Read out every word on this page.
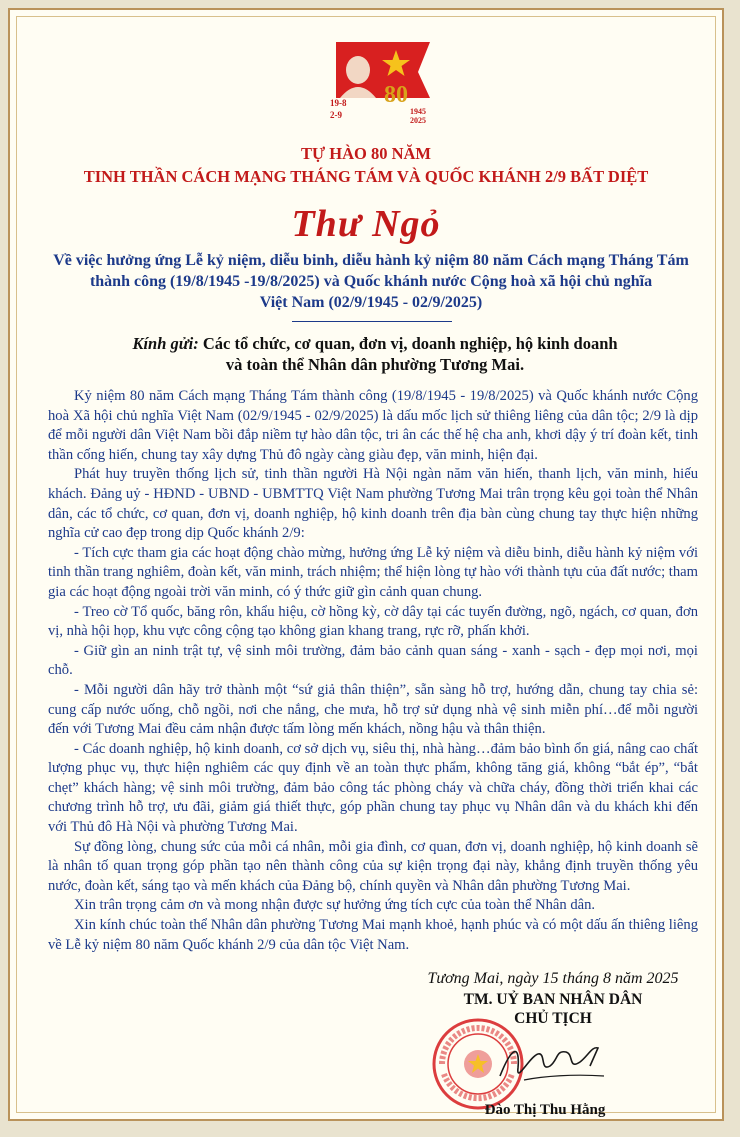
19-8
2-9
80
1945
2025
TỰ HÀO 80 NĂM
TINH THẦN CÁCH MẠNG THÁNG TÁM VÀ QUỐC KHÁNH 2/9 BẤT DIỆT
Thư Ngỏ
Về việc hưởng ứng Lễ kỷ niệm, diễu binh, diễu hành kỷ niệm 80 năm Cách mạng Tháng Tám
thành công (19/8/1945 -19/8/2025) và Quốc khánh nước Cộng hoà xã hội chủ nghĩa
Việt Nam (02/9/1945 - 02/9/2025)
Kính gửi: Các tổ chức, cơ quan, đơn vị, doanh nghiệp, hộ kinh doanh
và toàn thể Nhân dân phường Tương Mai.

Kỷ niệm 80 năm Cách mạng Tháng Tám thành công (19/8/1945 - 19/8/2025) và Quốc khánh nước Cộng hoà Xã hội chủ nghĩa Việt Nam (02/9/1945 - 02/9/2025) là dấu mốc lịch sử thiêng liêng của dân tộc; 2/9 là dịp để mỗi người dân Việt Nam bồi đắp niềm tự hào dân tộc, tri ân các thế hệ cha anh, khơi dậy ý trí đoàn kết, tinh thần cống hiến, chung tay xây dựng Thủ đô ngày càng giàu đẹp, văn minh, hiện đại.

Phát huy truyền thống lịch sử, tinh thần người Hà Nội ngàn năm văn hiến, thanh lịch, văn minh, hiếu khách. Đảng uỷ - HĐND - UBND - UBMTTQ Việt Nam phường Tương Mai trân trọng kêu gọi toàn thể Nhân dân, các tổ chức, cơ quan, đơn vị, doanh nghiệp, hộ kinh doanh trên địa bàn cùng chung tay thực hiện những nghĩa cử cao đẹp trong dịp Quốc khánh 2/9:

- Tích cực tham gia các hoạt động chào mừng, hưởng ứng Lễ kỷ niệm và diễu binh, diễu hành kỷ niệm với tinh thần trang nghiêm, đoàn kết, văn minh, trách nhiệm; thể hiện lòng tự hào với thành tựu của đất nước; tham gia các hoạt động ngoài trời văn minh, có ý thức giữ gìn cảnh quan chung.

- Treo cờ Tổ quốc, băng rôn, khẩu hiệu, cờ hồng kỳ, cờ dây tại các tuyến đường, ngõ, ngách, cơ quan, đơn vị, nhà hội họp, khu vực công cộng tạo không gian khang trang, rực rỡ, phấn khởi.

- Giữ gìn an ninh trật tự, vệ sinh môi trường, đảm bảo cảnh quan sáng - xanh - sạch - đẹp mọi nơi, mọi chỗ.

- Mỗi người dân hãy trở thành một “sứ giả thân thiện”, sẵn sàng hỗ trợ, hướng dẫn, chung tay chia sẻ: cung cấp nước uống, chỗ ngồi, nơi che nắng, che mưa, hỗ trợ sử dụng nhà vệ sinh miễn phí…để mỗi người đến với Tương Mai đều cảm nhận được tấm lòng mến khách, nồng hậu và thân thiện.

- Các doanh nghiệp, hộ kinh doanh, cơ sở dịch vụ, siêu thị, nhà hàng…đảm bảo bình ổn giá, nâng cao chất lượng phục vụ, thực hiện nghiêm các quy định về an toàn thực phẩm, không tăng giá, không “bắt ép”, “bắt chẹt” khách hàng; vệ sinh môi trường, đảm bảo công tác phòng cháy và chữa cháy, đồng thời triển khai các chương trình hỗ trợ, ưu đãi, giảm giá thiết thực, góp phần chung tay phục vụ Nhân dân và du khách khi đến với Thủ đô Hà Nội và phường Tương Mai.

Sự đồng lòng, chung sức của mỗi cá nhân, mỗi gia đình, cơ quan, đơn vị, doanh nghiệp, hộ kinh doanh sẽ là nhân tố quan trọng góp phần tạo nên thành công của sự kiện trọng đại này, khẳng định truyền thống yêu nước, đoàn kết, sáng tạo và mến khách của Đảng bộ, chính quyền và Nhân dân phường Tương Mai.

Xin trân trọng cảm ơn và mong nhận được sự hưởng ứng tích cực của toàn thể Nhân dân.

Xin kính chúc toàn thể Nhân dân phường Tương Mai mạnh khoẻ, hạnh phúc và có một dấu ấn thiêng liêng về Lễ kỷ niệm 80 năm Quốc khánh 2/9 của dân tộc Việt Nam.

Tương Mai, ngày 15 tháng 8 năm 2025
TM. UỶ BAN NHÂN DÂN
CHỦ TỊCH
Đào Thị Thu Hằng
